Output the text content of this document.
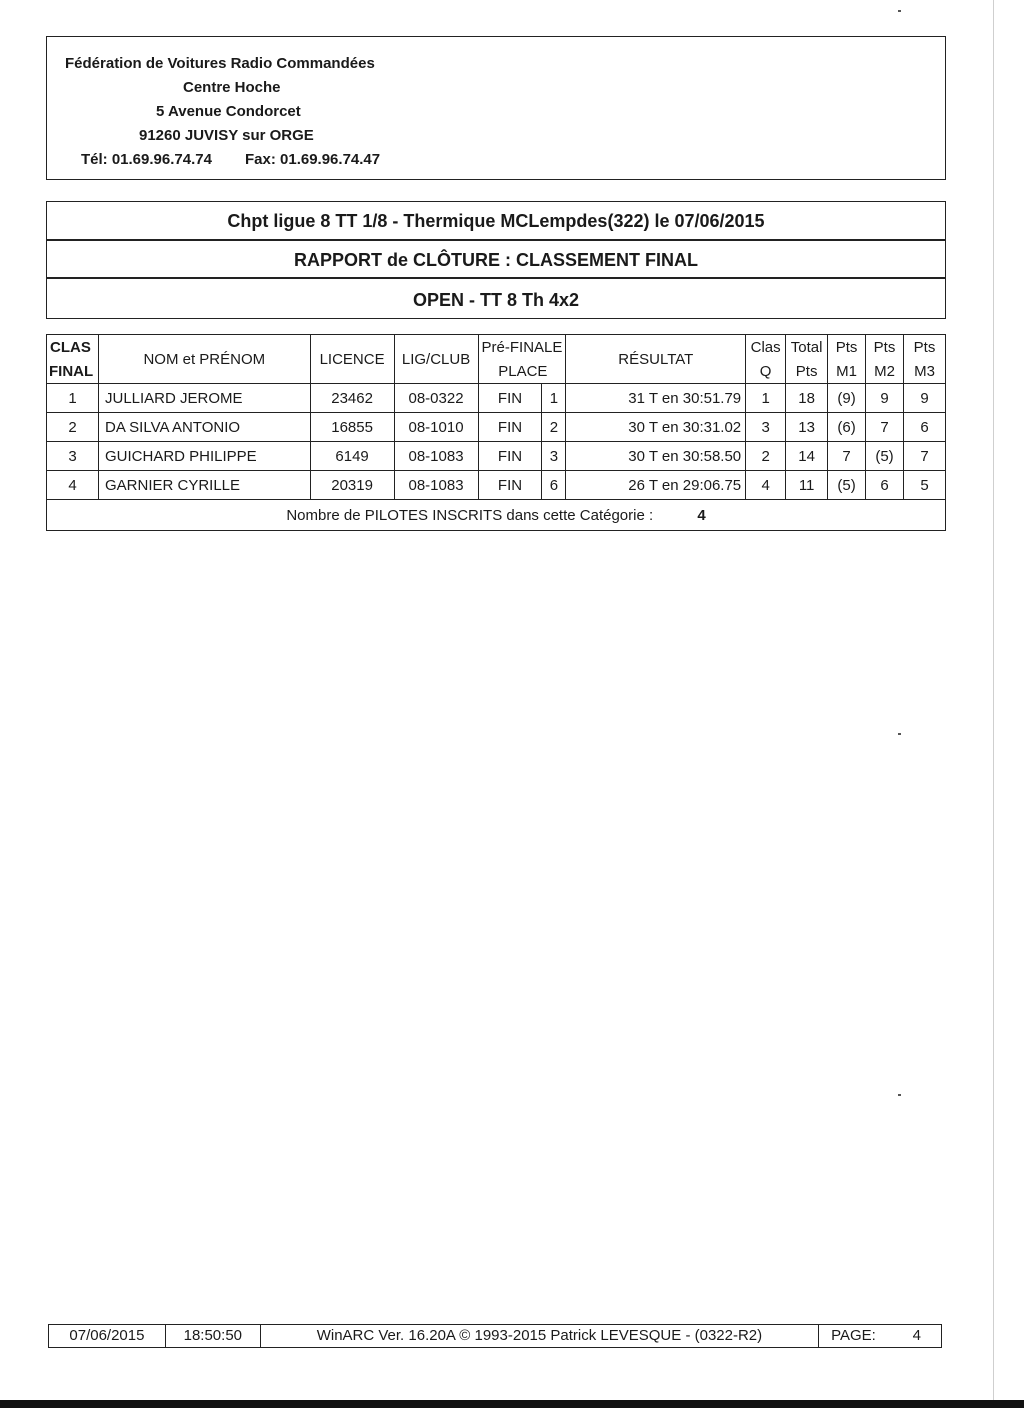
Fédération de Voitures Radio Commandées
Centre Hoche
5 Avenue Condorcet
91260 JUVISY sur ORGE
Tél: 01.69.96.74.74 Fax: 01.69.96.74.47
Chpt ligue 8 TT 1/8 - Thermique MCLempdes(322) le 07/06/2015
RAPPORT de CLÔTURE : CLASSEMENT FINAL
OPEN - TT 8 Th 4x2
CLAS	NOM et PRÉNOM	LICENCE	LIG/CLUB	Pré-FINALE		RÉSULTAT	Clas	Total	Pts	Pts	Pts
FINAL				PLACE			Q	Pts	M1	M2	M3
1	JULLIARD JEROME	23462	08-0322	FIN	1	31 T en 30:51.79	1	18	(9)	9	9
2	DA SILVA ANTONIO	16855	08-1010	FIN	2	30 T en 30:31.02	3	13	(6)	7	6
3	GUICHARD PHILIPPE	6149	08-1083	FIN	3	30 T en 30:58.50	2	14	7	(5)	7
4	GARNIER CYRILLE	20319	08-1083	FIN	6	26 T en 29:06.75	4	11	(5)	6	5
Nombre de PILOTES INSCRITS dans cette Catégorie : 4											
07/06/2015	18:50:50	WinARC Ver. 16.20A © 1993-2015 Patrick LEVESQUE - (0322-R2)	PAGE: 4
